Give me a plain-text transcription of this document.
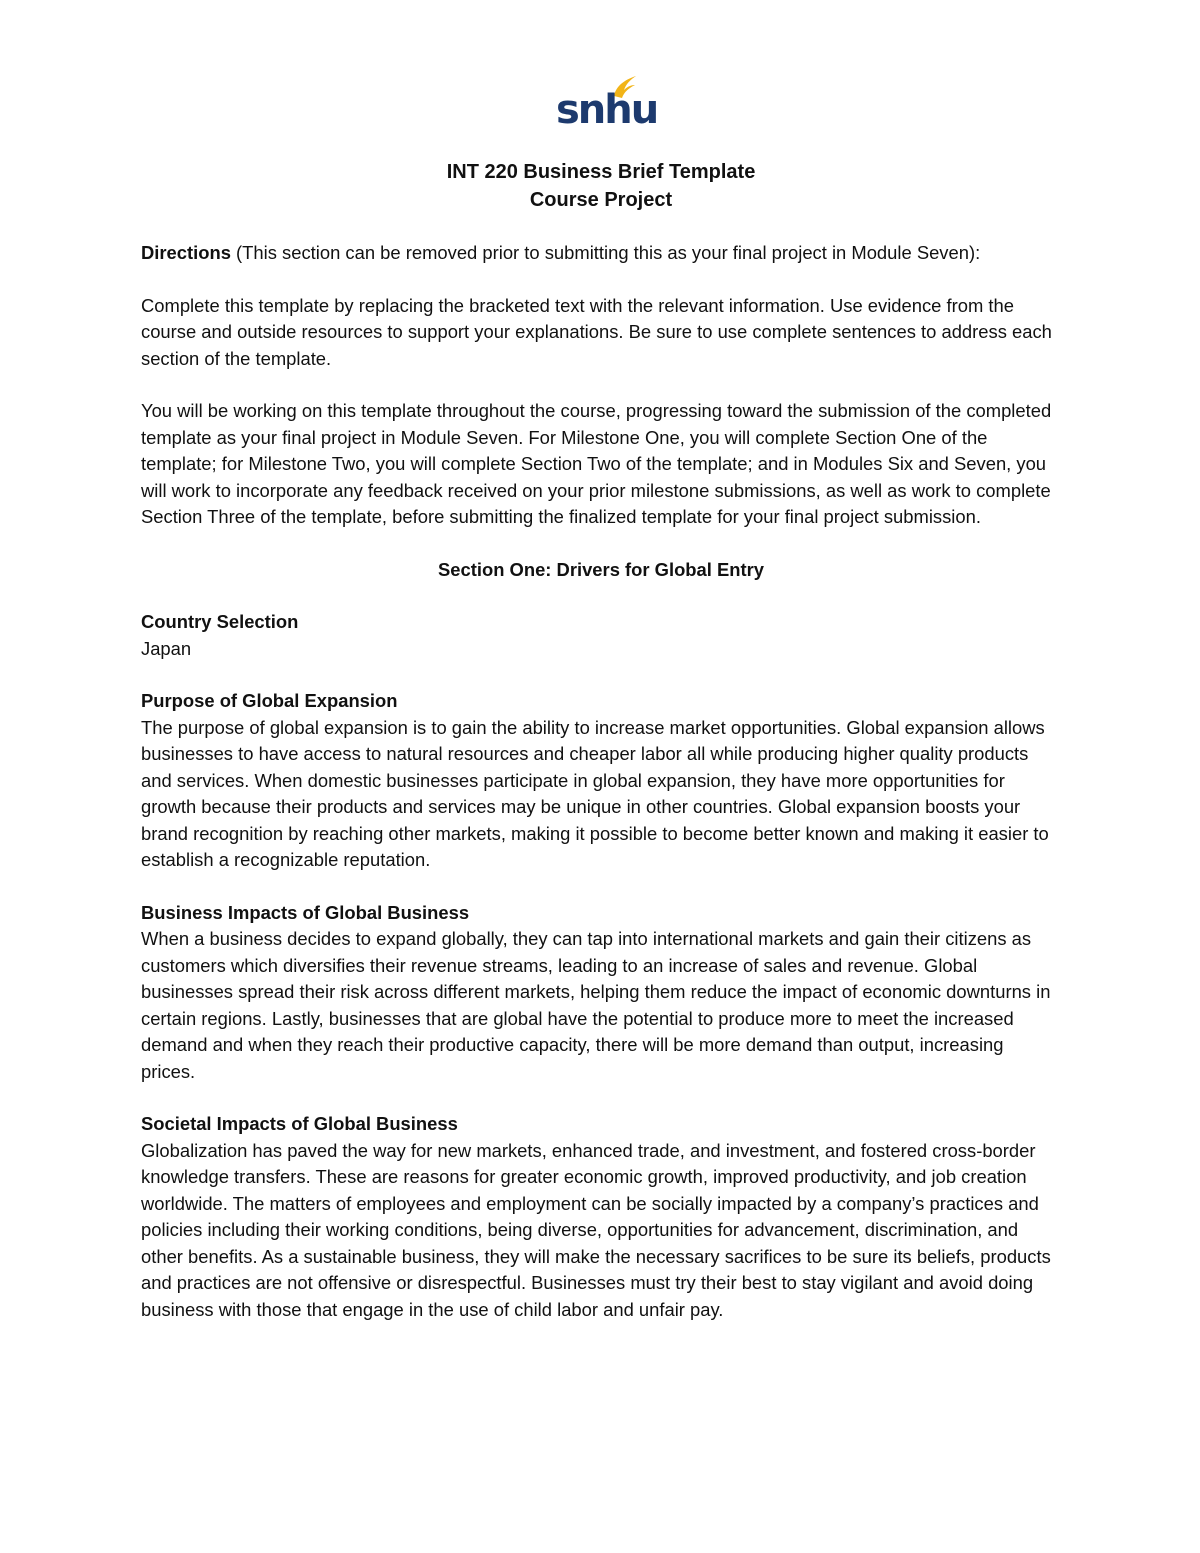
snhu
INT 220 Business Brief Template
Course Project

Directions (This section can be removed prior to submitting this as your final project in Module Seven):

Complete this template by replacing the bracketed text with the relevant information. Use evidence from the course and outside resources to support your explanations. Be sure to use complete sentences to address each section of the template.

You will be working on this template throughout the course, progressing toward the submission of the completed template as your final project in Module Seven. For Milestone One, you will complete Section One of the template; for Milestone Two, you will complete Section Two of the template; and in Modules Six and Seven, you will work to incorporate any feedback received on your prior milestone submissions, as well as work to complete Section Three of the template, before submitting the finalized template for your final project submission.

Section One: Drivers for Global Entry

Country Selection

Japan

Purpose of Global Expansion

The purpose of global expansion is to gain the ability to increase market opportunities. Global expansion allows businesses to have access to natural resources and cheaper labor all while producing higher quality products and services. When domestic businesses participate in global expansion, they have more opportunities for growth because their products and services may be unique in other countries. Global expansion boosts your brand recognition by reaching other markets, making it possible to become better known and making it easier to establish a recognizable reputation.

Business Impacts of Global Business

When a business decides to expand globally, they can tap into international markets and gain their citizens as customers which diversifies their revenue streams, leading to an increase of sales and revenue. Global businesses spread their risk across different markets, helping them reduce the impact of economic downturns in certain regions. Lastly, businesses that are global have the potential to produce more to meet the increased demand and when they reach their productive capacity, there will be more demand than output, increasing prices.

Societal Impacts of Global Business

Globalization has paved the way for new markets, enhanced trade, and investment, and fostered cross-border knowledge transfers. These are reasons for greater economic growth, improved productivity, and job creation worldwide. The matters of employees and employment can be socially impacted by a company’s practices and policies including their working conditions, being diverse, opportunities for advancement, discrimination, and other benefits. As a sustainable business, they will make the necessary sacrifices to be sure its beliefs, products and practices are not offensive or disrespectful. Businesses must try their best to stay vigilant and avoid doing business with those that engage in the use of child labor and unfair pay.
